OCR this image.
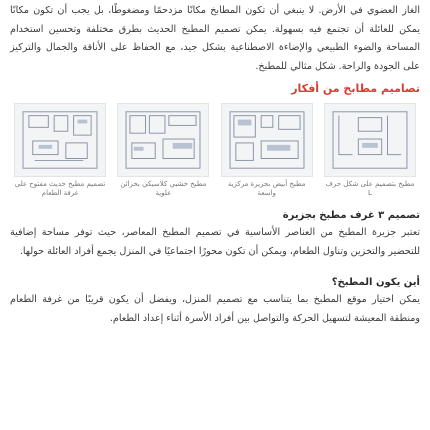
الغاز العضوي في الأرض. لا ينبغي أن تكون المطابخ مكانًا مزدحمًا ومضغوطًا، بل يجب أن تكون مكانًا يمكن للعائلة أن تجتمع فيه بسهولة. يمكن تصميم المطبخ الحديث بطرق مختلفة وتحسين استخدام المساحة والضوء الطبيعي والإضاءة الاصطناعية بشكل جيد، مع الحفاظ على الأناقة والجمال والتركيز على الجودة والراحة. شكل مثالي للمطبخ.

تصاميم مطابخ من أفكار

تصميم مطبخ حديث مفتوح على غرفة الطعام
مطبخ خشبي كلاسيكي بخزائن علوية
مطبخ أبيض بجزيرة مركزية واسعة
مطبخ بتصميم على شكل حرف L

تصميم ٣ غرف مطبخ بجزيرة

تعتبر جزيرة المطبخ من العناصر الأساسية في تصميم المطبخ المعاصر، حيث توفر مساحة إضافية للتحضير والتخزين وتناول الطعام، ويمكن أن تكون محورًا اجتماعيًا في المنزل يجمع أفراد العائلة حولها.

أين يكون المطبخ؟

يمكن اختيار موقع المطبخ بما يتناسب مع تصميم المنزل، ويفضل أن يكون قريبًا من غرفة الطعام ومنطقة المعيشة لتسهيل الحركة والتواصل بين أفراد الأسرة أثناء إعداد الطعام.
